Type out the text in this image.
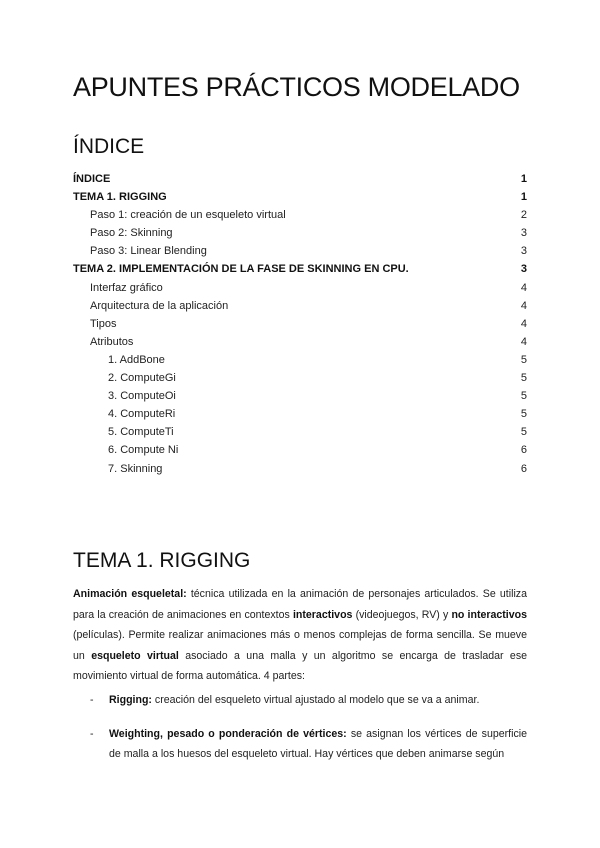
APUNTES PRÁCTICOS MODELADO
ÍNDICE
ÍNDICE	1
TEMA 1. RIGGING	1
Paso 1: creación de un esqueleto virtual	2
Paso 2: Skinning	3
Paso 3: Linear Blending	3
TEMA 2. IMPLEMENTACIÓN DE LA FASE DE SKINNING EN CPU.	3
Interfaz gráfico	4
Arquitectura de la aplicación	4
Tipos	4
Atributos	4
1. AddBone	5
2. ComputeGi	5
3. ComputeOi	5
4. ComputeRi	5
5. ComputeTi	5
6. Compute Ni	6
7. Skinning	6
TEMA 1. RIGGING
Animación esqueletal: técnica utilizada en la animación de personajes articulados. Se utiliza para la creación de animaciones en contextos interactivos (videojuegos, RV) y no interactivos (películas). Permite realizar animaciones más o menos complejas de forma sencilla. Se mueve un esqueleto virtual asociado a una malla y un algoritmo se encarga de trasladar ese movimiento virtual de forma automática. 4 partes:
- Rigging: creación del esqueleto virtual ajustado al modelo que se va a animar.
- Weighting, pesado o ponderación de vértices: se asignan los vértices de superficie de malla a los huesos del esqueleto virtual. Hay vértices que deben animarse según
